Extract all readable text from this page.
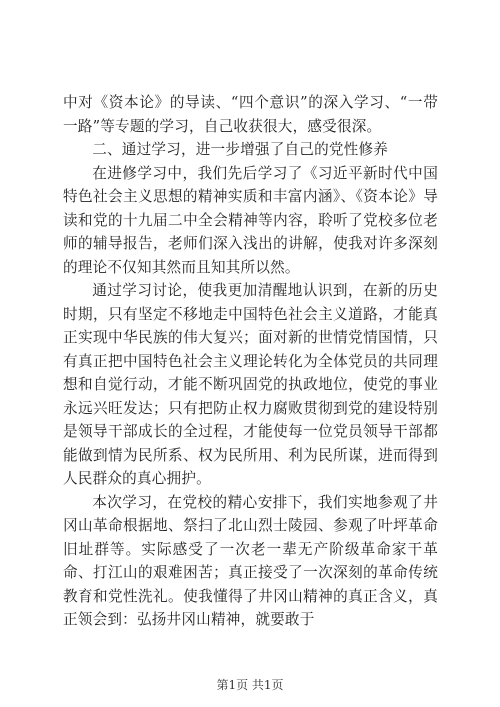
中对《资本论》的导读、“四个意识”的深入学习、“一带一路”等专题的学习，自己收获很大，感受很深。

二、通过学习，进一步增强了自己的党性修养

在进修学习中，我们先后学习了《习近平新时代中国特色社会主义思想的精神实质和丰富内涵》、《资本论》导读和党的十九届二中全会精神等内容，聆听了党校多位老师的辅导报告，老师们深入浅出的讲解，使我对许多深刻的理论不仅知其然而且知其所以然。

通过学习讨论，使我更加清醒地认识到，在新的历史时期，只有坚定不移地走中国特色社会主义道路，才能真正实现中华民族的伟大复兴；面对新的世情党情国情，只有真正把中国特色社会主义理论转化为全体党员的共同理想和自觉行动，才能不断巩固党的执政地位，使党的事业永远兴旺发达；只有把防止权力腐败贯彻到党的建设特别是领导干部成长的全过程，才能使每一位党员领导干部都能做到情为民所系、权为民所用、利为民所谋，进而得到人民群众的真心拥护。

本次学习，在党校的精心安排下，我们实地参观了井冈山革命根据地、祭扫了北山烈士陵园、参观了叶坪革命旧址群等。实际感受了一次老一辈无产阶级革命家干革命、打江山的艰难困苦；真正接受了一次深刻的革命传统教育和党性洗礼。使我懂得了井冈山精神的真正含义，真正领会到：弘扬井冈山精神，就要敢于

第1页 共1页
